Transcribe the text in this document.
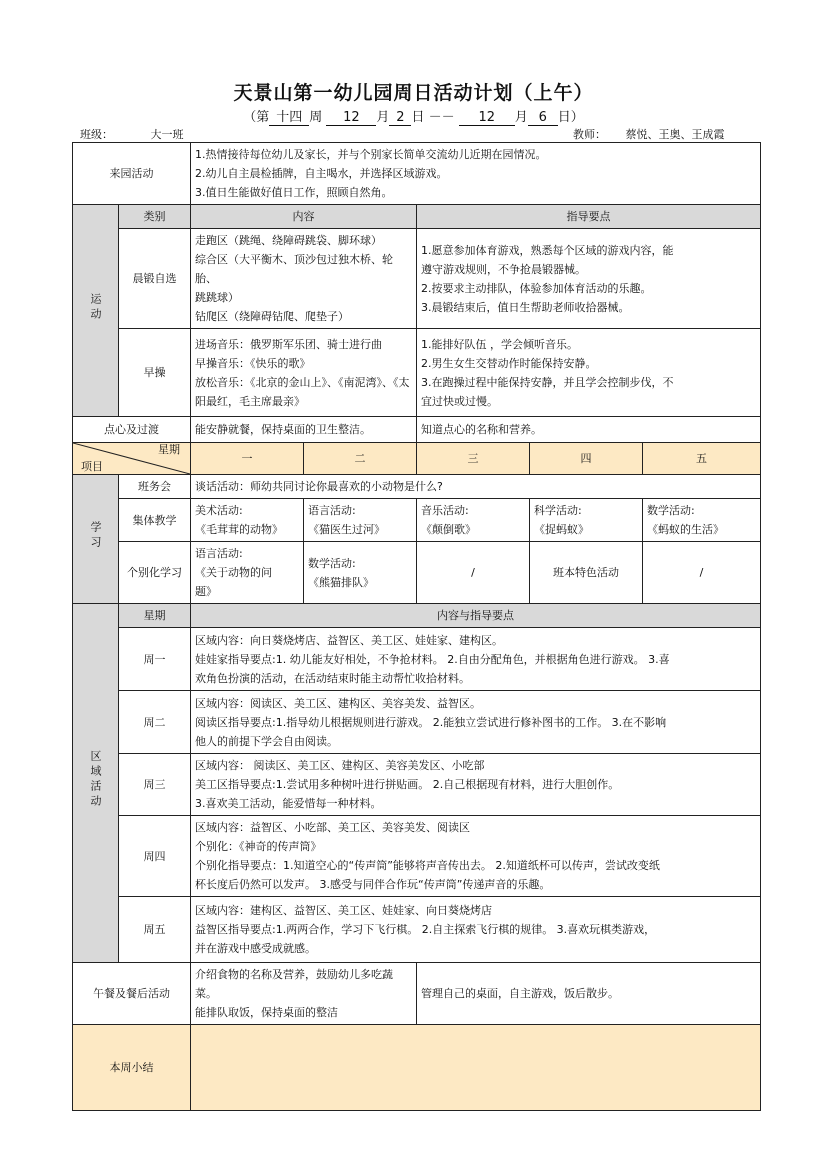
天景山第一幼儿园周日活动计划（上午）
（第 十四 周 12 月 2 日 －－ 12 月 6 日）
班级：	大一班	教师： 蔡悦、王奥、王成霞
来园活动		1.热情接待每位幼儿及家长，并与个别家长简单交流幼儿近期在园情况。
2.幼儿自主晨检插牌，自主喝水，并选择区域游戏。
3.值日生能做好值日工作，照顾自然角。				

运动	类别	内容		指导要点		
	晨锻自选	走跑区（跳绳、绕障碍跳袋、脚环球）
综合区（大平衡木、顶沙包过独木桥、轮胎、
跳跳球）
钻爬区（绕障碍钻爬、爬垫子）		1.愿意参加体育游戏，熟悉每个区域的游戏内容，能
遵守游戏规则，不争抢晨锻器械。
2.按要求主动排队，体验参加体育活动的乐趣。
3.晨锻结束后，值日生帮助老师收拾器械。		

	早操	进场音乐：俄罗斯军乐团、骑士进行曲
早操音乐：《快乐的歌》
放松音乐：《北京的金山上》、《南泥湾》、《太
阳最红，毛主席最亲》		1.能排好队伍 ，学会倾听音乐。
2.男生女生交替动作时能保持安静。
3.在跑操过程中能保持安静，并且学会控制步伐，不
宜过快或过慢。		

点心及过渡		能安静就餐，保持桌面的卫生整洁。		知道点心的名称和营养。		

星期
项目		一	二	三	四	五
学习	班务会	谈话活动：师幼共同讨论你最喜欢的小动物是什么?				
	集体教学	美术活动:
《毛茸茸的动物》	语言活动:
《猫医生过河》	音乐活动:
《颠倒歌》	科学活动:
《捉蚂蚁》	数学活动:
《蚂蚁的生活》

	个别化学习	语言活动:
《关于动物的问
题》	数学活动:
《熊猫排队》	/	班本特色活动	/
区域活动	星期	内容与指导要点				
	周一	区域内容：向日葵烧烤店、益智区、美工区、娃娃家、建构区。
娃娃家指导要点:1. 幼儿能友好相处，不争抢材料。 2.自由分配角色，并根据角色进行游戏。 3.喜
欢角色扮演的活动，在活动结束时能主动帮忙收拾材料。				

	周二	区域内容：阅读区、美工区、建构区、美容美发、益智区。
阅读区指导要点:1.指导幼儿根据规则进行游戏。 2.能独立尝试进行修补图书的工作。 3.在不影响
他人的前提下学会自由阅读。				

	周三	区域内容： 阅读区、美工区、建构区、美容美发区、小吃部
美工区指导要点:1.尝试用多种树叶进行拼贴画。 2.自己根据现有材料，进行大胆创作。
3.喜欢美工活动，能爱惜每一种材料。				

	周四	区域内容：益智区、小吃部、美工区、美容美发、阅读区
个别化：《神奇的传声筒》
个别化指导要点：1.知道空心的“传声筒”能够将声音传出去。 2.知道纸杯可以传声，尝试改变纸
杯长度后仍然可以发声。 3.感受与同伴合作玩“传声筒”传递声音的乐趣。				

	周五	区域内容：建构区、益智区、美工区、娃娃家、向日葵烧烤店
益智区指导要点:1.两两合作，学习下飞行棋。 2.自主探索飞行棋的规律。 3.喜欢玩棋类游戏，
并在游戏中感受成就感。				

午餐及餐后活动		介绍食物的名称及营养，鼓励幼儿多吃蔬菜。
能排队取饭，保持桌面的整洁		管理自己的桌面，自主游戏，饭后散步。		
本周小结						
